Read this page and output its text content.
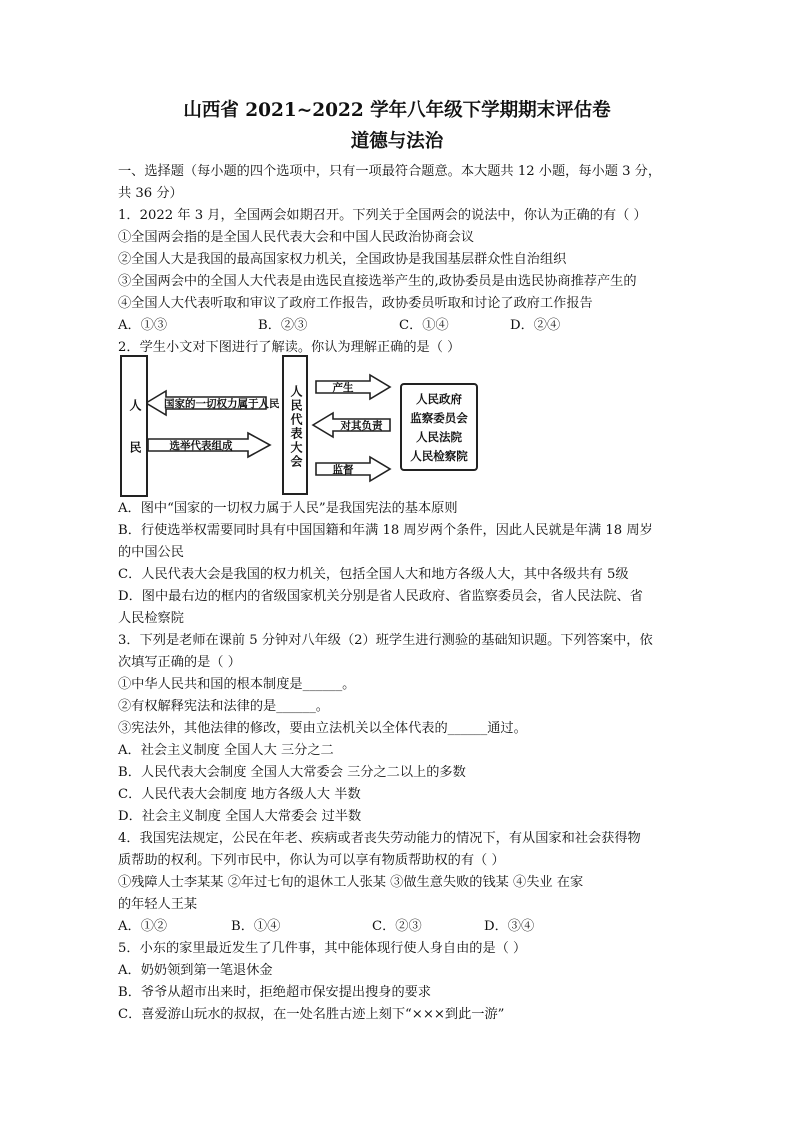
山西省 2021~2022 学年八年级下学期期末评估卷
道德与法治
一、选择题（每小题的四个选项中，只有一项最符合题意。本大题共 12 小题，每小题 3 分，
共 36 分）
1．2022 年 3 月，全国两会如期召开。下列关于全国两会的说法中，你认为正确的有（ ）
①全国两会指的是全国人民代表大会和中国人民政治协商会议
②全国人大是我国的最高国家权力机关，全国政协是我国基层群众性自治组织
③全国两会中的全国人大代表是由选民直接选举产生的,政协委员是由选民协商推荐产生的
④全国人大代表听取和审议了政府工作报告，政协委员听取和讨论了政府工作报告
A．①③	B．②③	C．①④	D．②④
2．学生小文对下图进行了解读。你认为理解正确的是（ ）
人民	人民代表大会
国家的一切权力属于人民
选举代表组成
产生
对其负责
监督
人民政府
监察委员会
人民法院
人民检察院
A．图中“国家的一切权力属于人民”是我国宪法的基本原则
B．行使选举权需要同时具有中国国籍和年满 18 周岁两个条件，因此人民就是年满 18 周岁
的中国公民
C．人民代表大会是我国的权力机关，包括全国人大和地方各级人大，其中各级共有 5级
D．图中最右边的框内的省级国家机关分别是省人民政府、省监察委员会，省人民法院、省
人民检察院
3．下列是老师在课前 5 分钟对八年级（2）班学生进行测验的基础知识题。下列答案中，依
次填写正确的是（ ）
①中华人民共和国的根本制度是______。
②有权解释宪法和法律的是______。
③宪法外，其他法律的修改，要由立法机关以全体代表的______通过。
A．社会主义制度 全国人大 三分之二
B．人民代表大会制度 全国人大常委会 三分之二以上的多数
C．人民代表大会制度 地方各级人大 半数
D．社会主义制度 全国人大常委会 过半数
4．我国宪法规定，公民在年老、疾病或者丧失劳动能力的情况下，有从国家和社会获得物
质帮助的权利。下列市民中，你认为可以享有物质帮助权的有（ ）
①残障人士李某某 ②年过七旬的退休工人张某 ③做生意失败的钱某 ④失业 在家
的年轻人王某
A．①②	B．①④	C．②③	D．③④
5．小东的家里最近发生了几件事，其中能体现行使人身自由的是（ ）
A．奶奶领到第一笔退休金
B．爷爷从超市出来时，拒绝超市保安提出搜身的要求
C．喜爱游山玩水的叔叔，在一处名胜古迹上刻下“×××到此一游”
